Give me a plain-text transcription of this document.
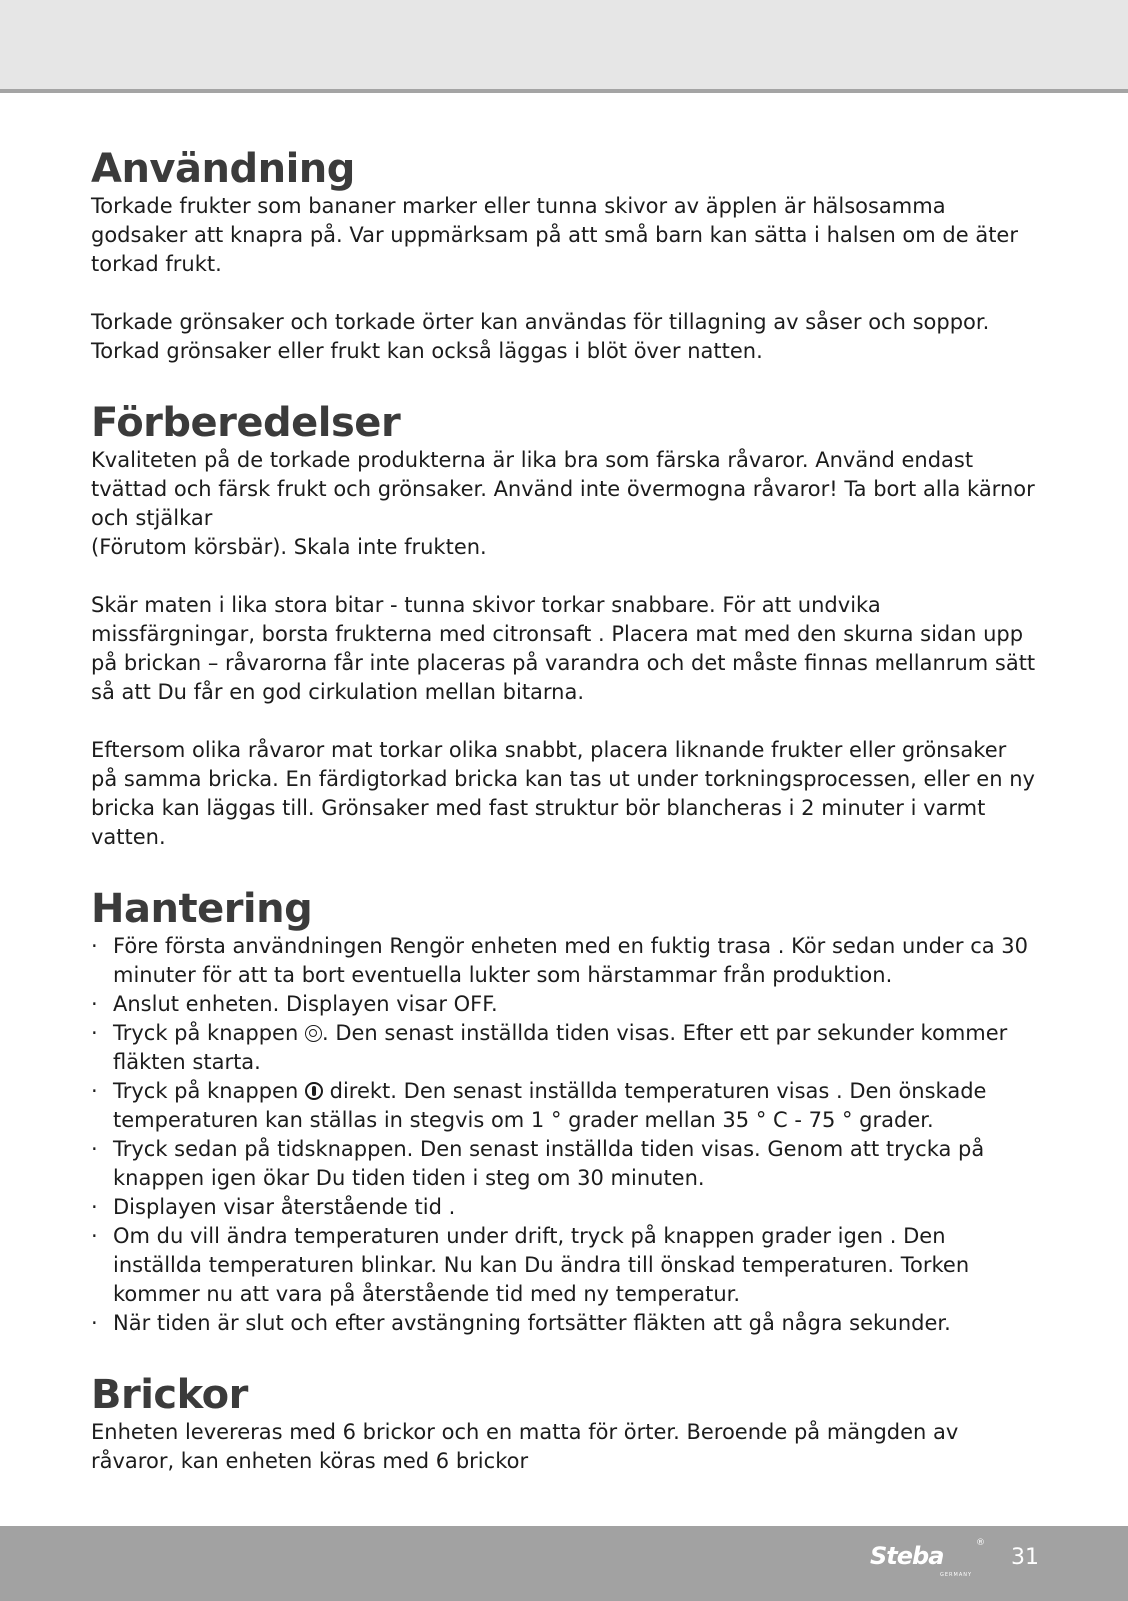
Användning

Torkade frukter som bananer marker eller tunna skivor av äpplen är hälsosamma godsaker att knapra på. Var uppmärksam på att små barn kan sätta i halsen om de äter torkad frukt.

Torkade grönsaker och torkade örter kan användas för tillagning av såser och soppor. Torkad grönsaker eller frukt kan också läggas i blöt över natten.

Förberedelser

Kvaliteten på de torkade produkterna är lika bra som färska råvaror. Använd endast tvättad och färsk frukt och grönsaker. Använd inte övermogna råvaror! Ta bort alla kärnor och stjälkar

(Förutom körsbär). Skala inte frukten.

Skär maten i lika stora bitar - tunna skivor torkar snabbare. För att undvika missfärgningar, borsta frukterna med citronsaft . Placera mat med den skurna sidan upp på brickan – råvarorna får inte placeras på varandra och det måste finnas mellanrum sätt så att Du får en god cirkulation mellan bitarna.

Eftersom olika råvaror mat torkar olika snabbt, placera liknande frukter eller grönsaker på samma bricka. En färdigtorkad bricka kan tas ut under torkningsprocessen, eller en ny bricka kan läggas till. Grönsaker med fast struktur bör blancheras i 2 minuter i varmt vatten.

Hantering
· Före första användningen Rengör enheten med en fuktig trasa . Kör sedan under ca 30 minuter för att ta bort eventuella lukter som härstammar från produktion.
· Anslut enheten. Displayen visar OFF.
· Tryck på knappen . Den senast inställda tiden visas. Efter ett par sekunder kommer fläkten starta.
· Tryck på knappen  direkt. Den senast inställda temperaturen visas . Den önskade temperaturen kan ställas in stegvis om 1 ° grader mellan 35 ° C - 75 ° grader.
· Tryck sedan på tidsknappen. Den senast inställda tiden visas. Genom att trycka på knappen igen ökar Du tiden tiden i steg om 30 minuten.
· Displayen visar återstående tid .
· Om du vill ändra temperaturen under drift, tryck på knappen grader igen . Den inställda temperaturen blinkar. Nu kan Du ändra till önskad temperaturen. Torken kommer nu att vara på återstående tid med ny temperatur.
· När tiden är slut och efter avstängning fortsätter fläkten att gå några sekunder.
Brickor

Enheten levereras med 6 brickor och en matta för örter. Beroende på mängden av råvaror, kan enheten köras med 6 brickor

Steba	®
GERMANY
31
